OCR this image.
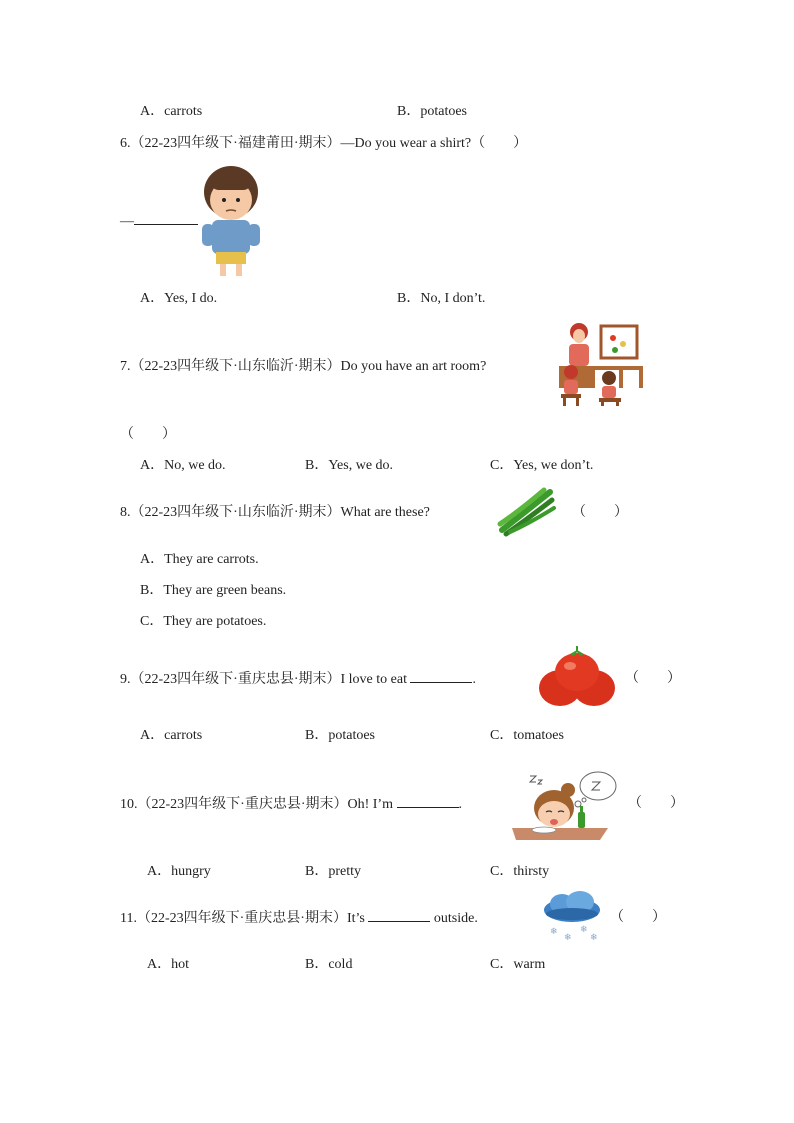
A．carrots	B．potatoes
6.（22-23四年级下·福建莆田·期末）—Do you wear a shirt?（　　）
—
A．Yes, I do.	B．No, I don’t.
7.（22-23四年级下·山东临沂·期末）Do you have an art room?
（　　）
A．No, we do.	B．Yes, we do.	C．Yes, we don’t.
8.（22-23四年级下·山东临沂·期末）What are these?	（　　）
A．They are carrots.
B．They are green beans.
C．They are potatoes.
9.（22-23四年级下·重庆忠县·期末）I love to eat	.	（　　）
A．carrots	B．potatoes	C．tomatoes
10.（22-23四年级下·重庆忠县·期末）Oh! I’m	.	（　　）
A．hungry	B．pretty	C．thirsty
11.（22-23四年级下·重庆忠县·期末）It’s	outside.
❄
❄
❄
❄
（　　）
A．hot	B．cold	C．warm
